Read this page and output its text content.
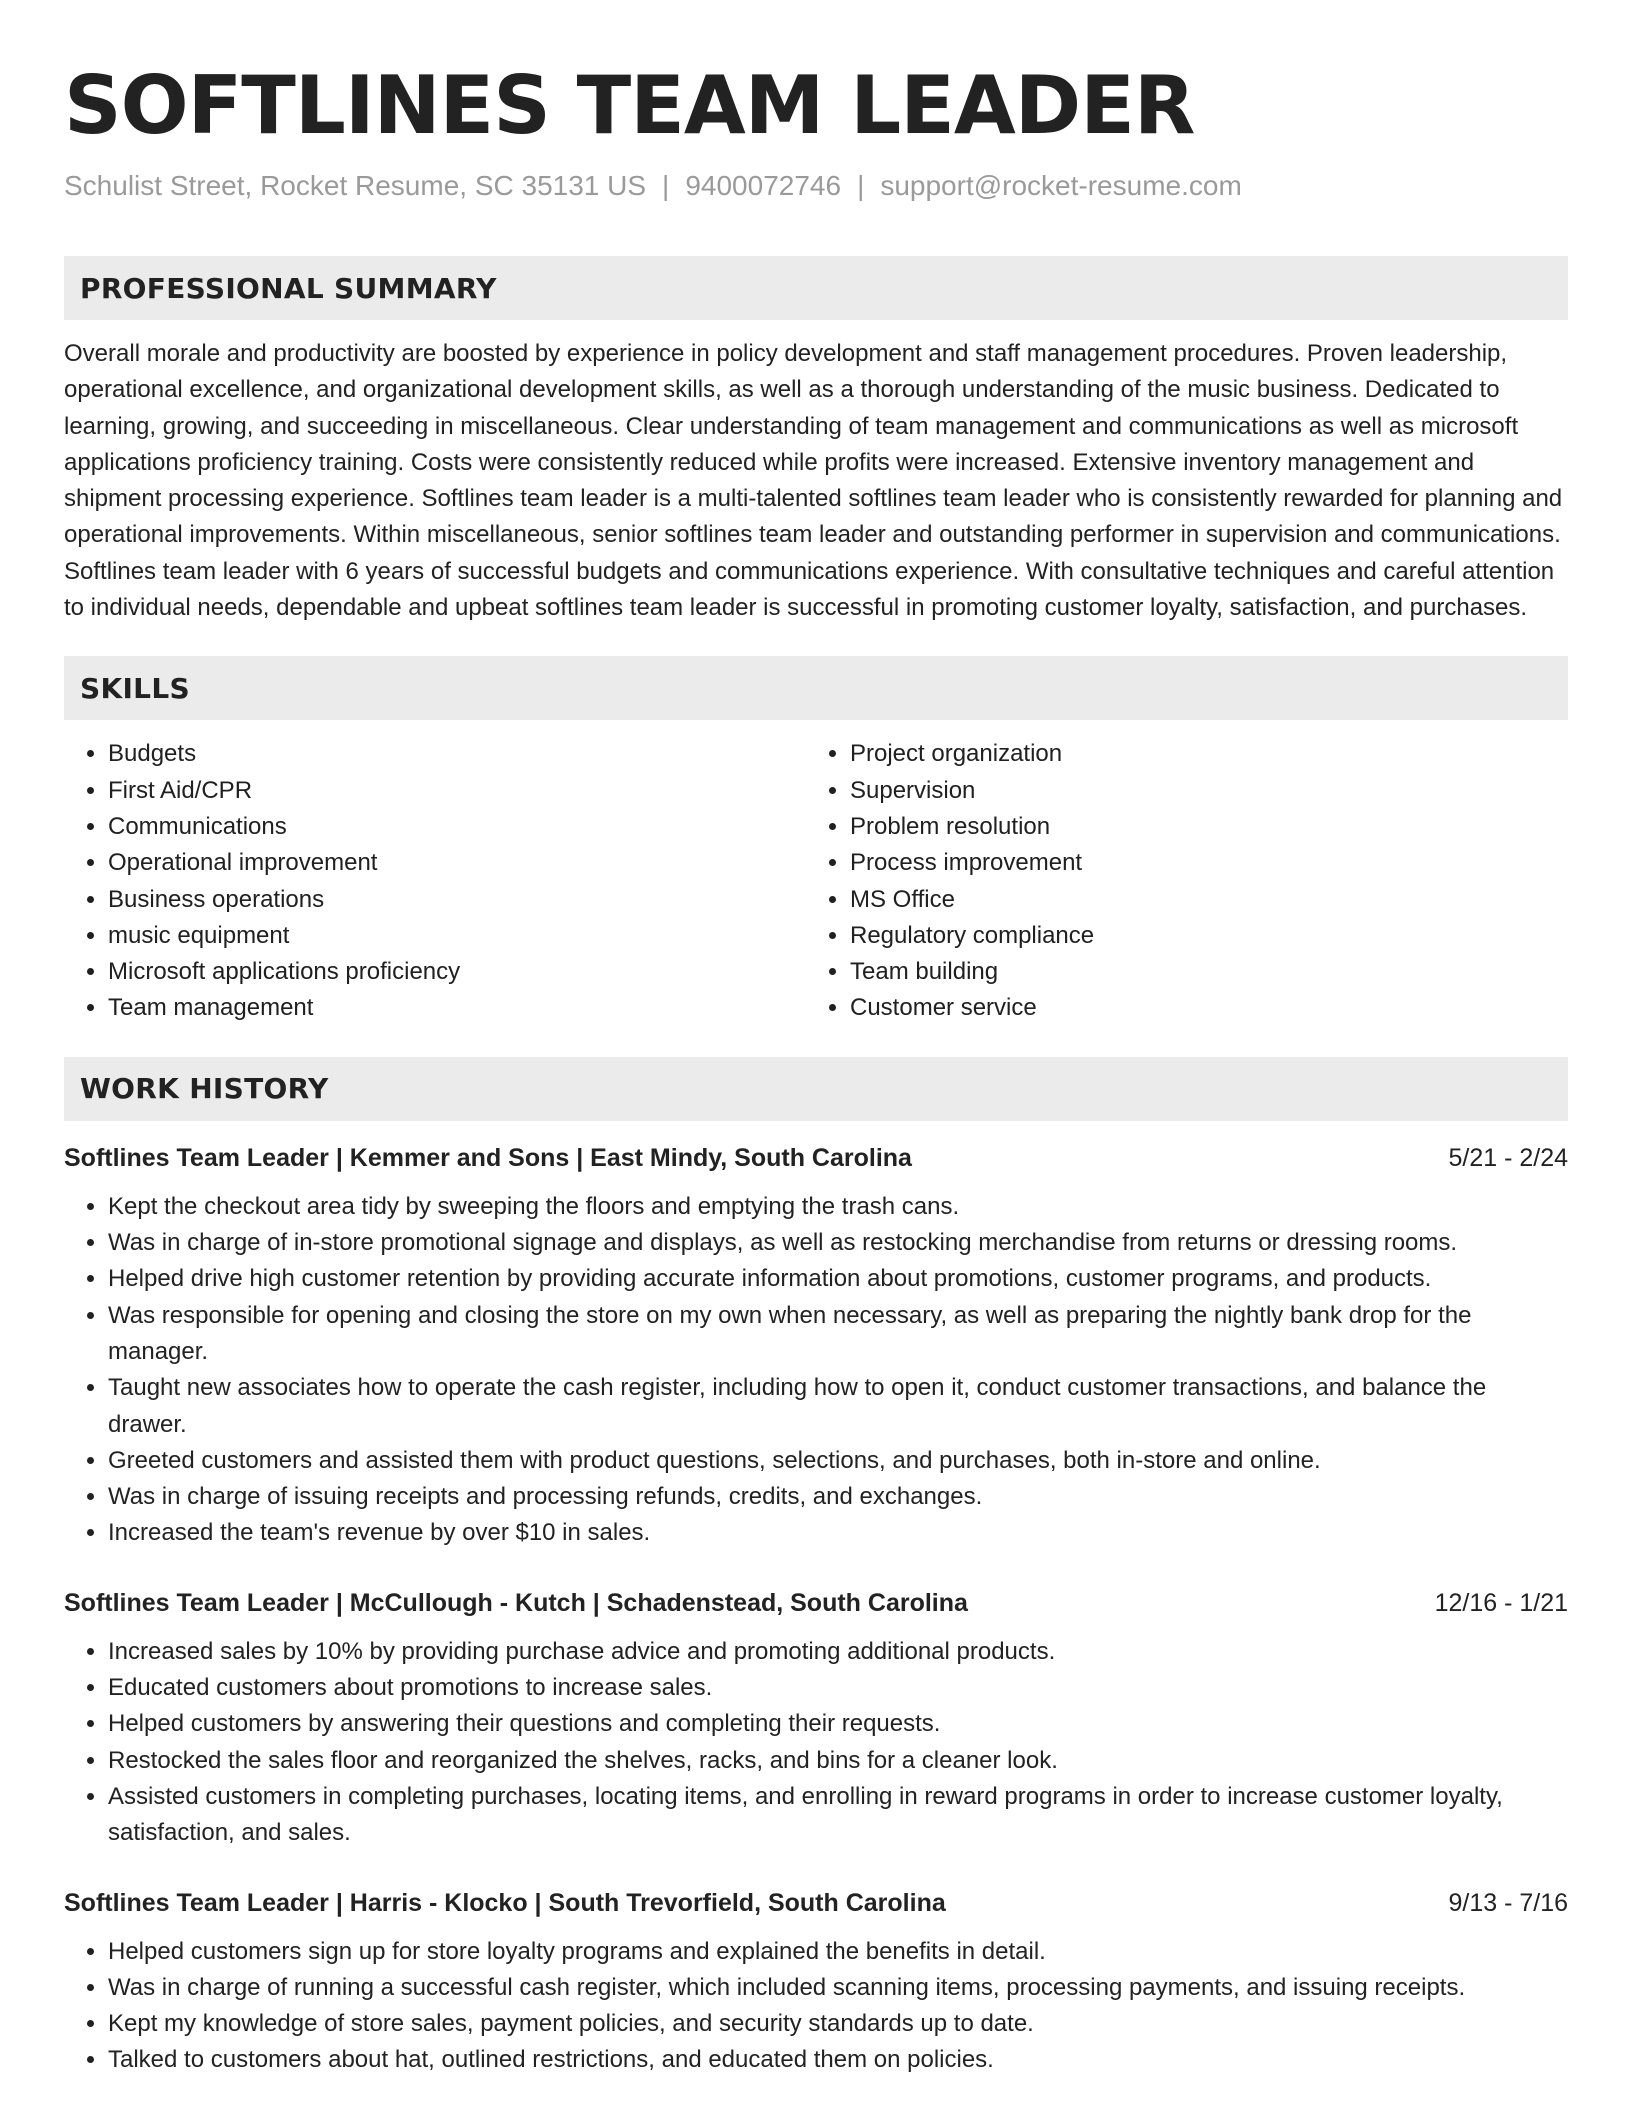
SOFTLINES TEAM LEADER
Schulist Street, Rocket Resume, SC 35131 US | 9400072746 | support@rocket-resume.com
PROFESSIONAL SUMMARY

Overall morale and productivity are boosted by experience in policy development and staff management procedures. Proven leadership, operational excellence, and organizational development skills, as well as a thorough understanding of the music business. Dedicated to learning, growing, and succeeding in miscellaneous. Clear understanding of team management and communications as well as microsoft applications proficiency training. Costs were consistently reduced while profits were increased. Extensive inventory management and shipment processing experience. Softlines team leader is a multi-talented softlines team leader who is consistently rewarded for planning and operational improvements. Within miscellaneous, senior softlines team leader and outstanding performer in supervision and communications. Softlines team leader with 6 years of successful budgets and communications experience. With consultative techniques and careful attention to individual needs, dependable and upbeat softlines team leader is successful in promoting customer loyalty, satisfaction, and purchases.

SKILLS
• Budgets
• First Aid/CPR
• Communications
• Operational improvement
• Business operations
• music equipment
• Microsoft applications proficiency
• Team management
• Project organization
• Supervision
• Problem resolution
• Process improvement
• MS Office
• Regulatory compliance
• Team building
• Customer service
WORK HISTORY
Softlines Team Leader | Kemmer and Sons | East Mindy, South Carolina	5/21 - 2/24
• Kept the checkout area tidy by sweeping the floors and emptying the trash cans.
• Was in charge of in-store promotional signage and displays, as well as restocking merchandise from returns or dressing rooms.
• Helped drive high customer retention by providing accurate information about promotions, customer programs, and products.
• Was responsible for opening and closing the store on my own when necessary, as well as preparing the nightly bank drop for the manager.
• Taught new associates how to operate the cash register, including how to open it, conduct customer transactions, and balance the drawer.
• Greeted customers and assisted them with product questions, selections, and purchases, both in-store and online.
• Was in charge of issuing receipts and processing refunds, credits, and exchanges.
• Increased the team's revenue by over $10 in sales.
Softlines Team Leader | McCullough - Kutch | Schadenstead, South Carolina	12/16 - 1/21
• Increased sales by 10% by providing purchase advice and promoting additional products.
• Educated customers about promotions to increase sales.
• Helped customers by answering their questions and completing their requests.
• Restocked the sales floor and reorganized the shelves, racks, and bins for a cleaner look.
• Assisted customers in completing purchases, locating items, and enrolling in reward programs in order to increase customer loyalty, satisfaction, and sales.
Softlines Team Leader | Harris - Klocko | South Trevorfield, South Carolina	9/13 - 7/16
• Helped customers sign up for store loyalty programs and explained the benefits in detail.
• Was in charge of running a successful cash register, which included scanning items, processing payments, and issuing receipts.
• Kept my knowledge of store sales, payment policies, and security standards up to date.
• Talked to customers about hat, outlined restrictions, and educated them on policies.
